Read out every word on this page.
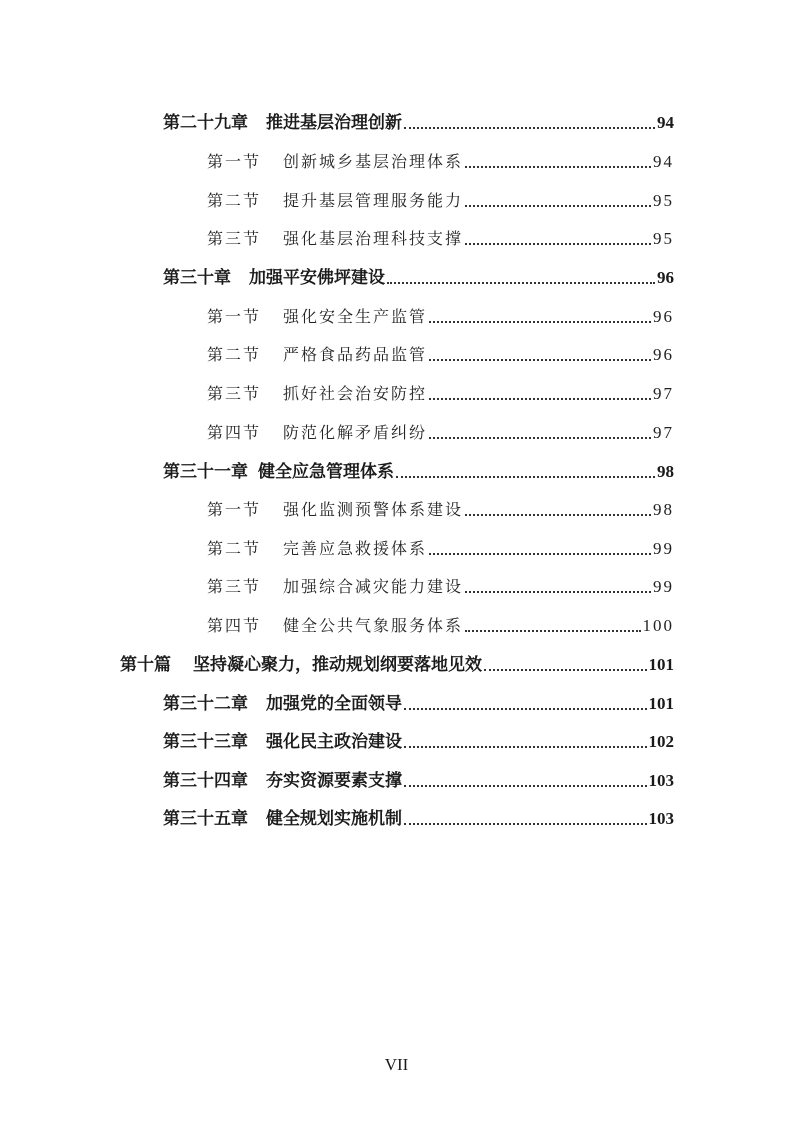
第二十九章 推进基层治理创新	94
第一节 创新城乡基层治理体系	94
第二节 提升基层管理服务能力	95
第三节 强化基层治理科技支撑	95
第三十章 加强平安佛坪建设	96
第一节 强化安全生产监管	96
第二节 严格食品药品监管	96
第三节 抓好社会治安防控	97
第四节 防范化解矛盾纠纷	97
第三十一章 健全应急管理体系	98
第一节 强化监测预警体系建设	98
第二节 完善应急救援体系	99
第三节 加强综合减灾能力建设	99
第四节 健全公共气象服务体系	100
第十篇 坚持凝心聚力，推动规划纲要落地见效	101
第三十二章 加强党的全面领导	101
第三十三章 强化民主政治建设	102
第三十四章 夯实资源要素支撑	103
第三十五章 健全规划实施机制	103
VII
